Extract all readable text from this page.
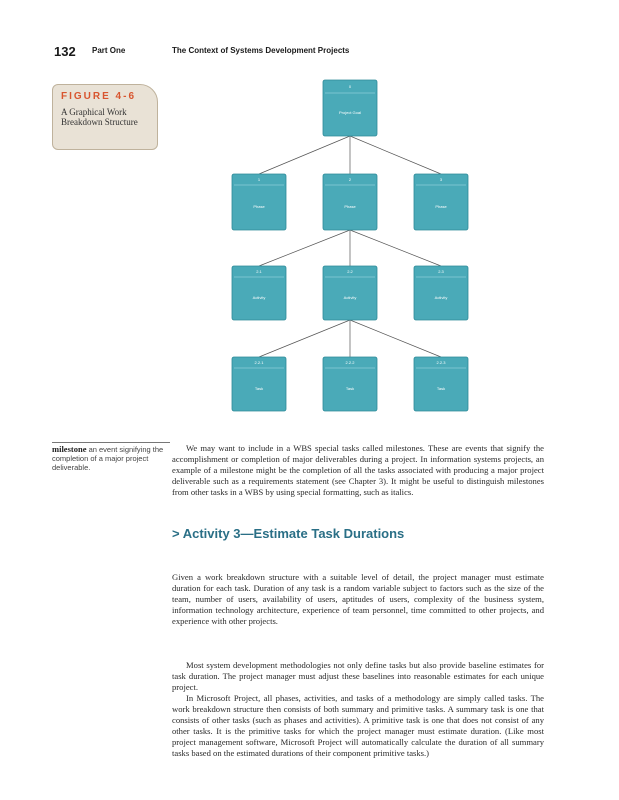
132 Part One	The Context of Systems Development Projects
FIGURE 4-6
A Graphical Work Breakdown Structure
0
Project Goal
1
Phase
2
Phase
3
Phase
2.1
Activity
2.2
Activity
2.3
Activity
2.2.1
Task
2.2.2
Task
2.2.3
Task
milestone an event signifying the completion of a major project deliverable.

We may want to include in a WBS special tasks called milestones. These are events that signify the accomplishment or completion of major deliverables during a project. In information systems projects, an example of a milestone might be the completion of all the tasks associated with producing a major project deliverable such as a requirements statement (see Chapter 3). It might be useful to distinguish milestones from other tasks in a WBS by using special formatting, such as italics.

> Activity 3—Estimate Task Durations

Given a work breakdown structure with a suitable level of detail, the project manager must estimate duration for each task. Duration of any task is a random variable subject to factors such as the size of the team, number of users, availability of users, aptitudes of users, complexity of the business system, information technology architecture, experience of team personnel, time committed to other projects, and experience with other projects.

Most system development methodologies not only define tasks but also provide baseline estimates for task duration. The project manager must adjust these baselines into reasonable estimates for each unique project.

In Microsoft Project, all phases, activities, and tasks of a methodology are simply called tasks. The work breakdown structure then consists of both summary and primitive tasks. A summary task is one that consists of other tasks (such as phases and activities). A primitive task is one that does not consist of any other tasks. It is the primitive tasks for which the project manager must estimate duration. (Like most project management software, Microsoft Project will automatically calculate the duration of all summary tasks based on the estimated durations of their component primitive tasks.)
